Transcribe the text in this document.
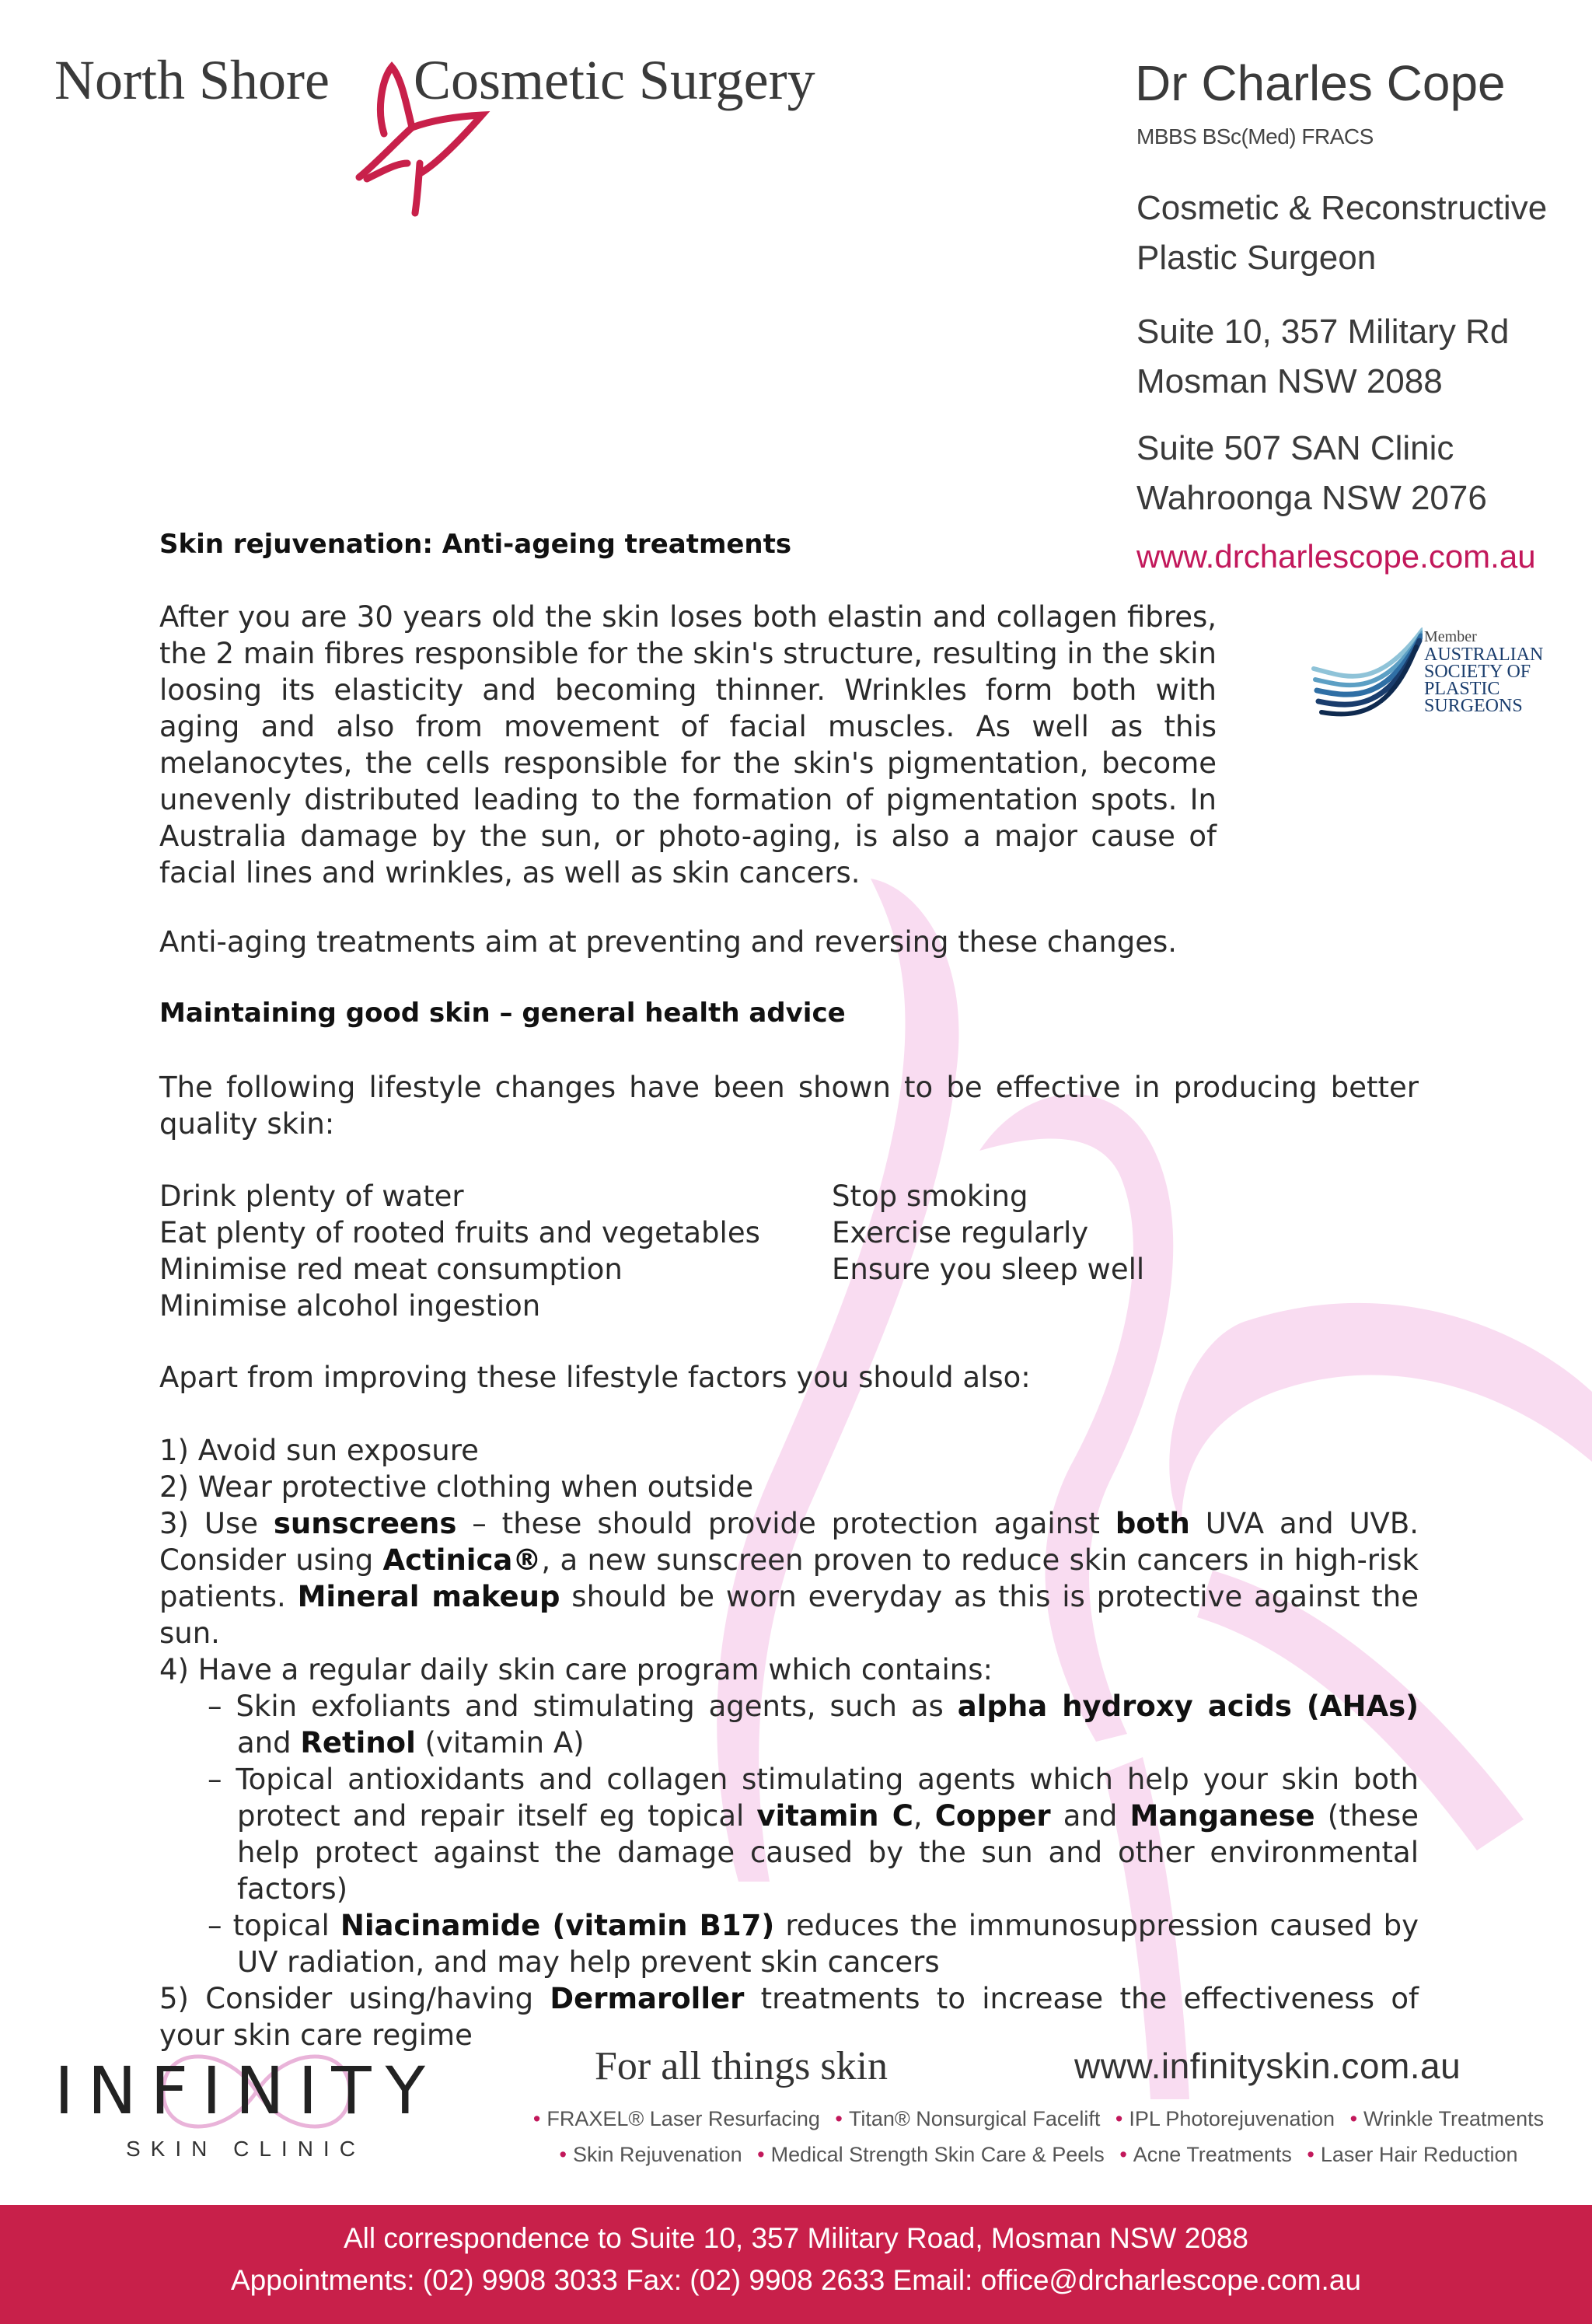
North Shore Cosmetic Surgery	Dr Charles Cope
MBBS BSc(Med) FRACS
Cosmetic & Reconstructive
Plastic Surgeon
Suite 10, 357 Military Rd
Mosman NSW 2088
Suite 507 SAN Clinic
Wahroonga NSW 2076
www.drcharlescope.com.au
Member
AUSTRALIAN
SOCIETY OF
PLASTIC
SURGEONS
Skin rejuvenation: Anti-ageing treatments
After you are 30 years old the skin loses both elastin and collagen fibres, the 2 main fibres responsible for the skin's structure, resulting in the skin loosing its elasticity and becoming thinner. Wrinkles form both with aging and also from movement of facial muscles. As well as this melanocytes, the cells responsible for the skin's pigmentation, become unevenly distributed leading to the formation of pigmentation spots. In Australia damage by the sun, or photo-aging, is also a major cause of facial lines and wrinkles, as well as skin cancers.
Anti-aging treatments aim at preventing and reversing these changes.
Maintaining good skin – general health advice
The following lifestyle changes have been shown to be effective in producing better quality skin:
Drink plenty of water
Eat plenty of rooted fruits and vegetables
Minimise red meat consumption
Minimise alcohol ingestion
Stop smoking
Exercise regularly
Ensure you sleep well
Apart from improving these lifestyle factors you should also:
1) Avoid sun exposure
2) Wear protective clothing when outside
3) Use sunscreens – these should provide protection against both UVA and UVB. Consider using Actinica®, a new sunscreen proven to reduce skin cancers in high-risk patients. Mineral makeup should be worn everyday as this is protective against the sun.
4) Have a regular daily skin care program which contains:
– Skin exfoliants and stimulating agents, such as alpha hydroxy acids (AHAs) and Retinol (vitamin A)
– Topical antioxidants and collagen stimulating agents which help your skin both protect and repair itself eg topical vitamin C, Copper and Manganese (these help protect against the damage caused by the sun and other environmental factors)
– topical Niacinamide (vitamin B17) reduces the immunosuppression caused by UV radiation, and may help prevent skin cancers
5) Consider using/having Dermaroller treatments to increase the effectiveness of your skin care regime
INFINITY
SKIN CLINIC
For all things skin	www.infinityskin.com.au
• FRAXEL® Laser Resurfacing • Titan® Nonsurgical Facelift • IPL Photorejuvenation • Wrinkle Treatments
• Skin Rejuvenation • Medical Strength Skin Care & Peels • Acne Treatments • Laser Hair Reduction
All correspondence to Suite 10, 357 Military Road, Mosman NSW 2088
Appointments: (02) 9908 3033 Fax: (02) 9908 2633 Email: office@drcharlescope.com.au
